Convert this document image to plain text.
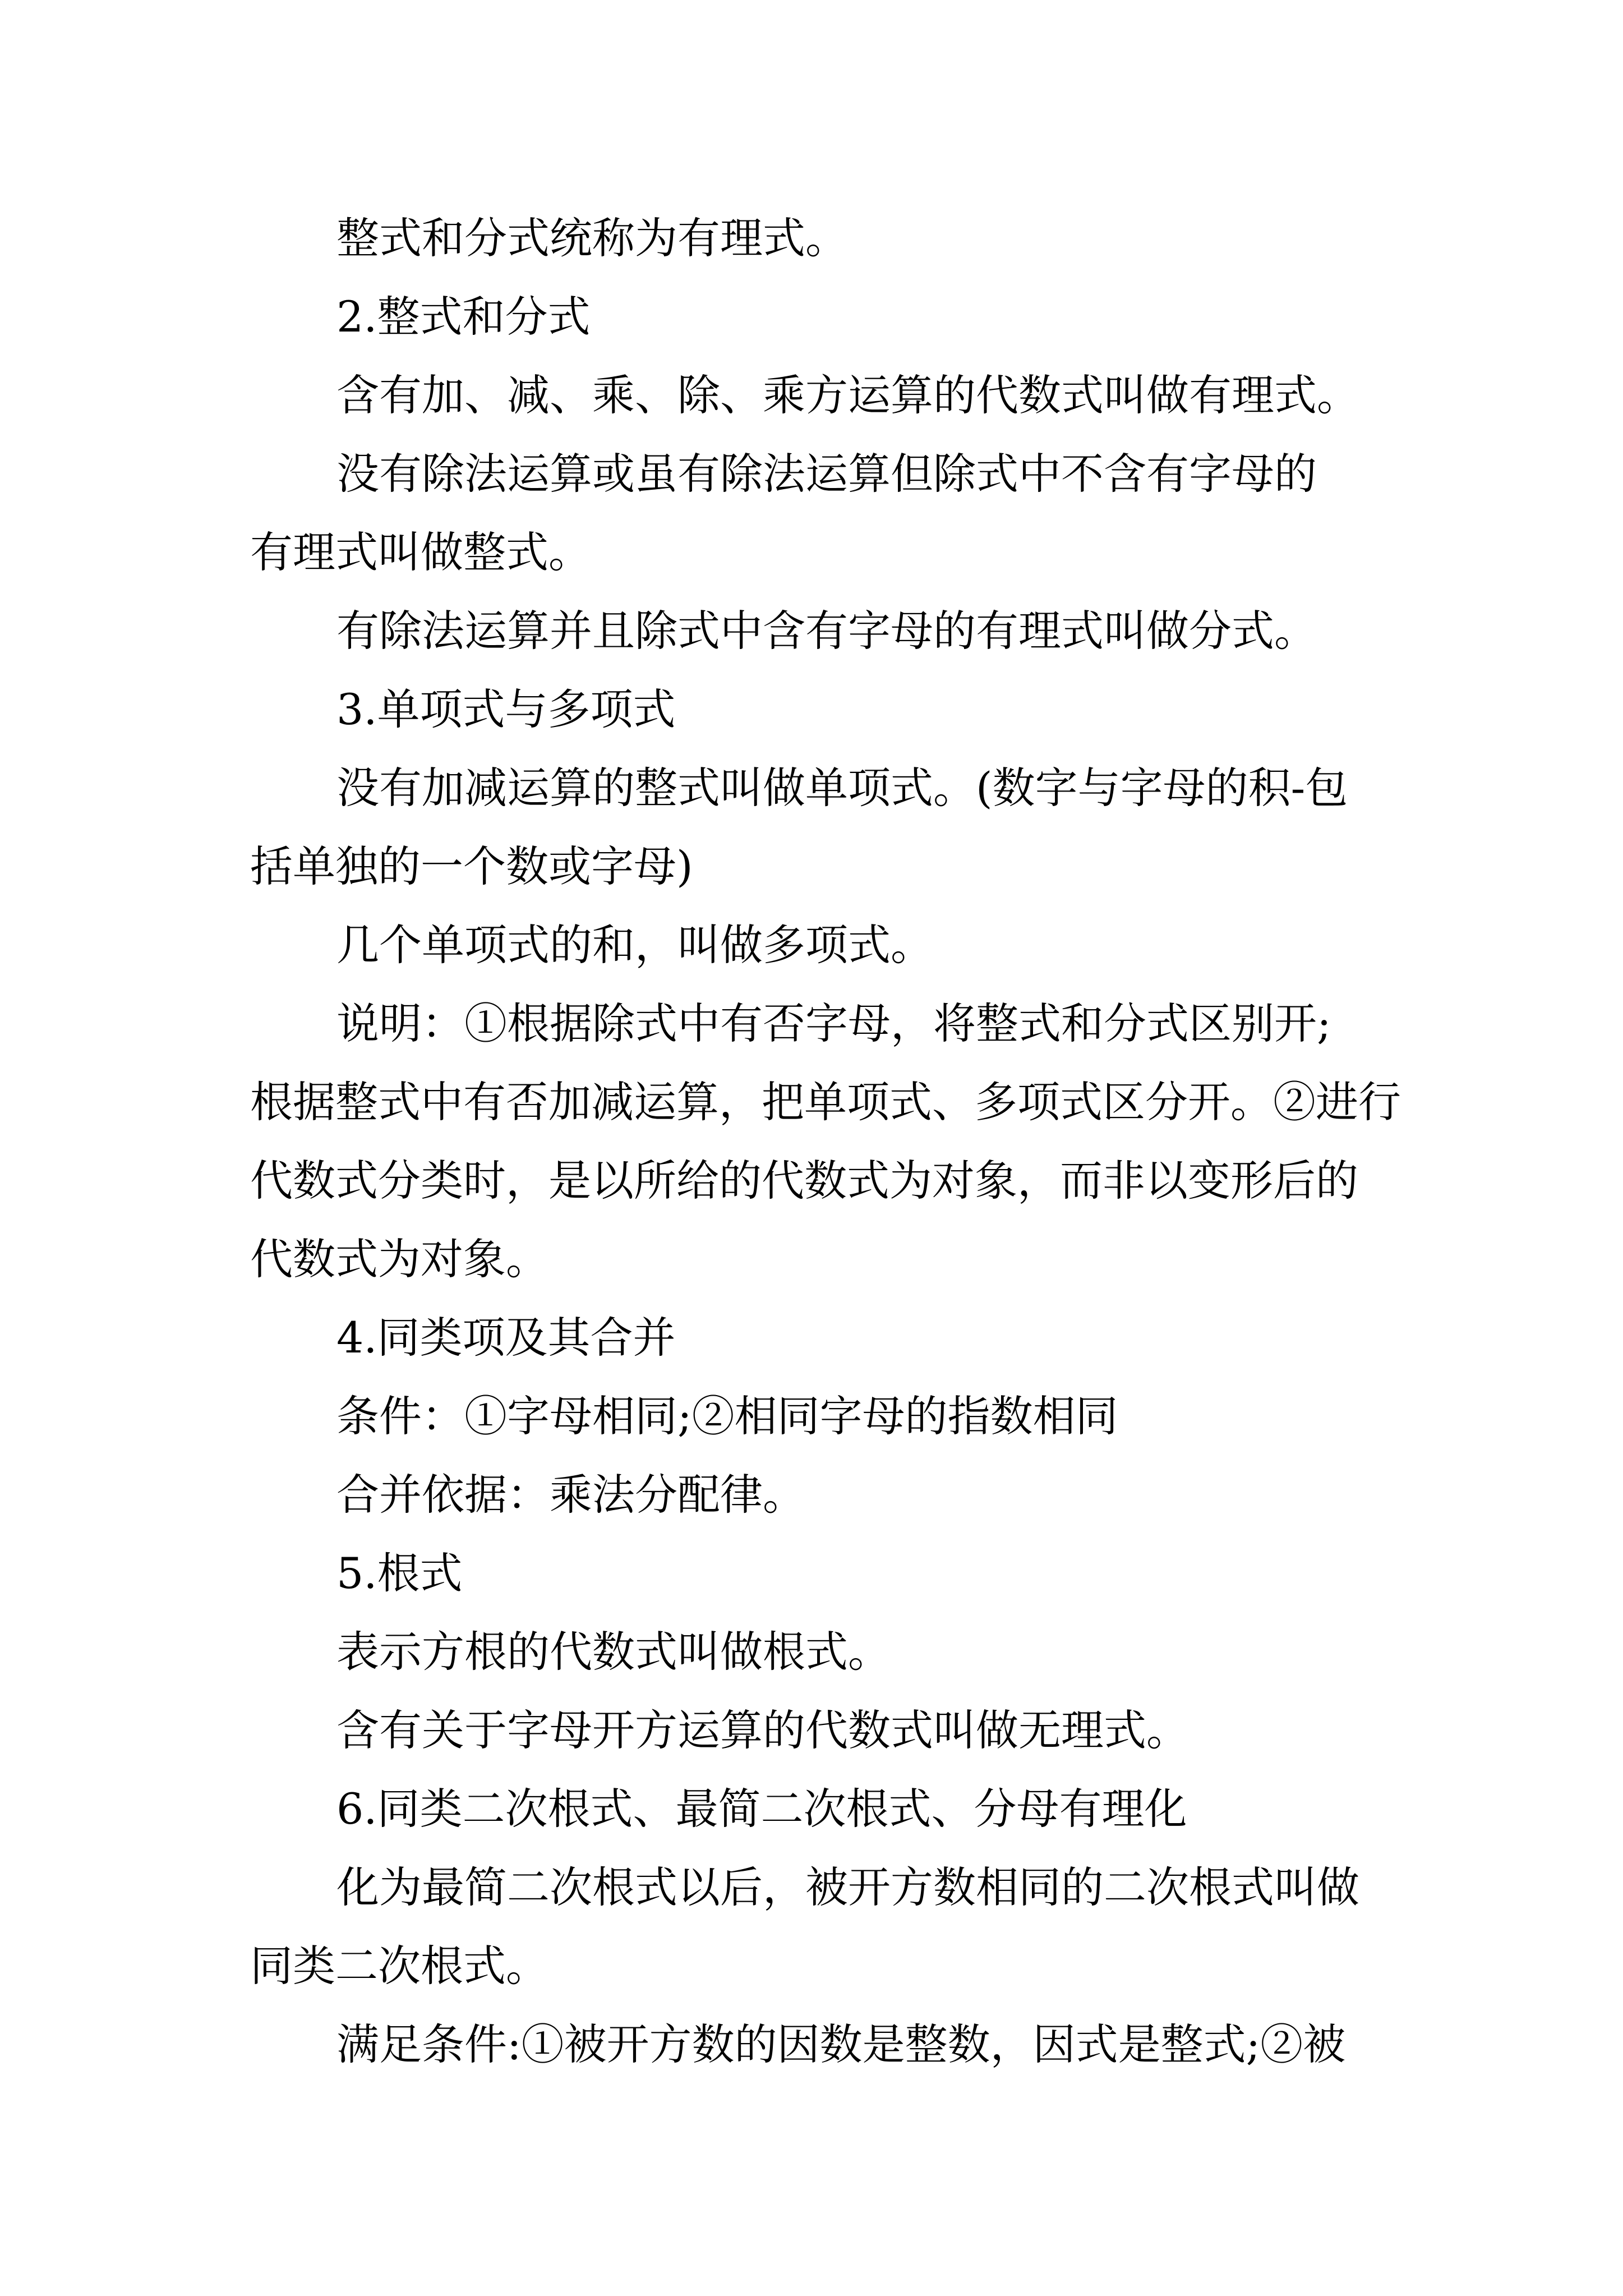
整式和分式统称为有理式。
2.整式和分式
含有加、减、乘、除、乘方运算的代数式叫做有理式。
没有除法运算或虽有除法运算但除式中不含有字母的
有理式叫做整式。
有除法运算并且除式中含有字母的有理式叫做分式。
3.单项式与多项式
没有加减运算的整式叫做单项式。(数字与字母的积-包
括单独的一个数或字母)
几个单项式的和，叫做多项式。
说明：①根据除式中有否字母，将整式和分式区别开;
根据整式中有否加减运算，把单项式、多项式区分开。②进行
代数式分类时，是以所给的代数式为对象，而非以变形后的
代数式为对象。
4.同类项及其合并
条件：①字母相同;②相同字母的指数相同
合并依据：乘法分配律。
5.根式
表示方根的代数式叫做根式。
含有关于字母开方运算的代数式叫做无理式。
6.同类二次根式、最简二次根式、分母有理化
化为最简二次根式以后，被开方数相同的二次根式叫做
同类二次根式。
满足条件:①被开方数的因数是整数，因式是整式;②被
